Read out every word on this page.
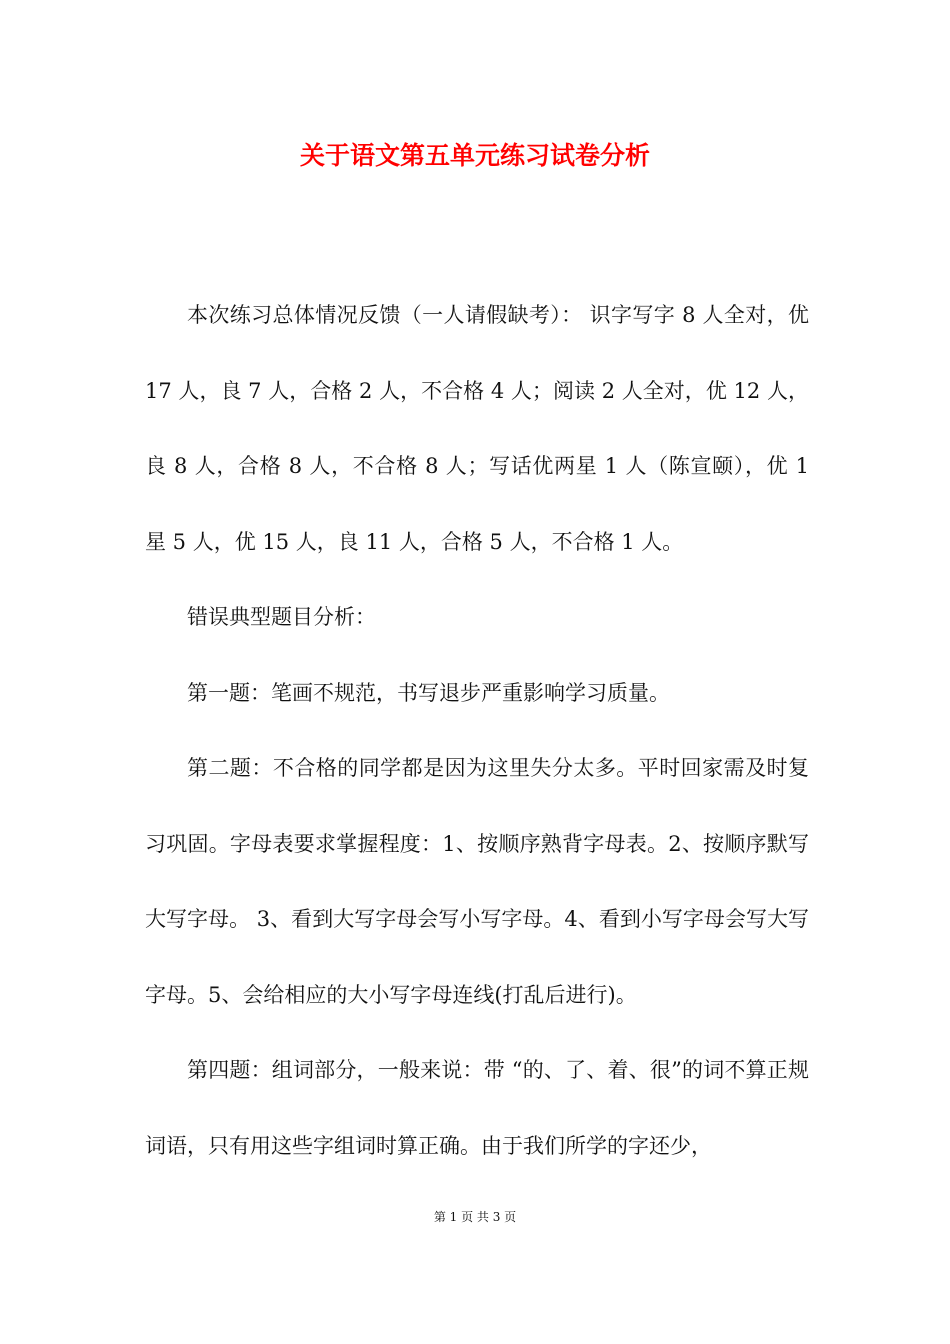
关于语文第五单元练习试卷分析

本次练习总体情况反馈（一人请假缺考）： 识字写字 8 人全对，优 17 人，良 7 人，合格 2 人，不合格 4 人；阅读 2 人全对，优 12 人，良 8 人，合格 8 人，不合格 8 人；写话优两星 1 人（陈宣颐），优 1 星 5 人，优 15 人，良 11 人，合格 5 人，不合格 1 人。

错误典型题目分析：

第一题：笔画不规范，书写退步严重影响学习质量。

第二题：不合格的同学都是因为这里失分太多。平时回家需及时复习巩固。字母表要求掌握程度：1、按顺序熟背字母表。2、按顺序默写大写字母。 3、看到大写字母会写小写字母。4、看到小写字母会写大写字母。5、会给相应的大小写字母连线(打乱后进行)。

第四题：组词部分，一般来说：带 “的、了、着、很”的词不算正规词语，只有用这些字组词时算正确。由于我们所学的字还少，

第 1 页 共 3 页
